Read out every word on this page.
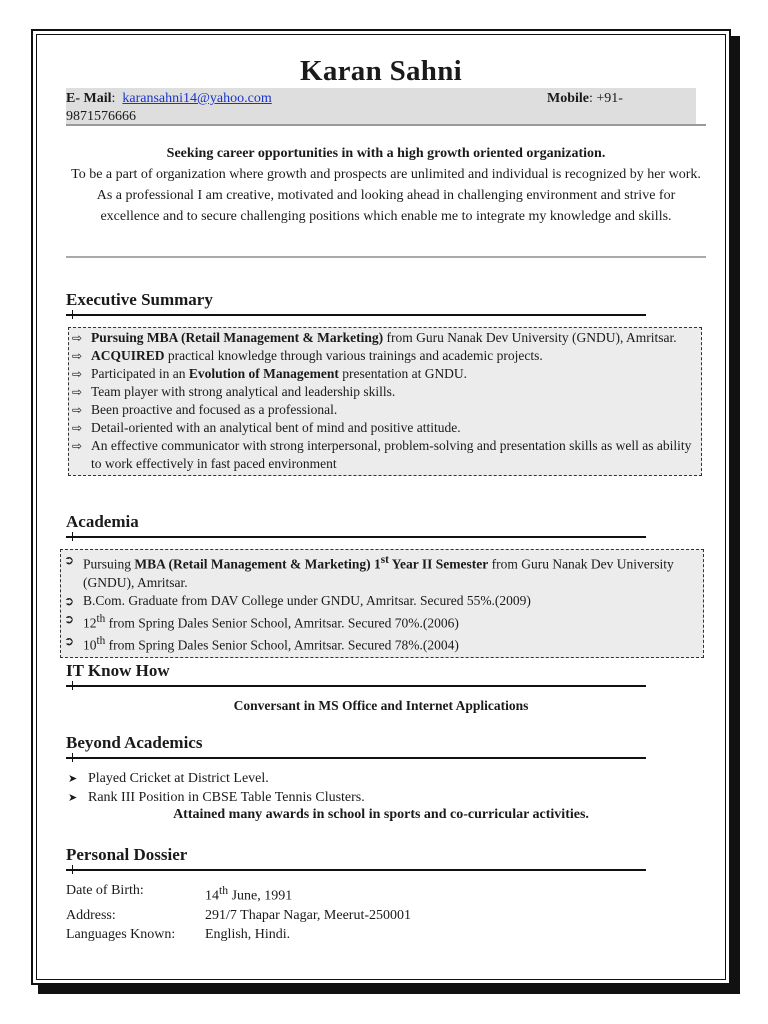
Karan Sahni
E- Mail:  karansahni14@yahoo.com	Mobile: +91-
9871576666
Seeking career opportunities in with a high growth oriented organization.
To be a part of organization where growth and prospects are unlimited and individual is recognized by her work. As a professional I am creative, motivated and looking ahead in challenging environment and strive for excellence and to secure challenging positions which enable me to integrate my knowledge and skills.
Executive Summary
⇨ Pursuing MBA (Retail Management & Marketing) from Guru Nanak Dev University (GNDU), Amritsar.
⇨ ACQUIRED practical knowledge through various trainings and academic projects.
⇨ Participated in an Evolution of Management presentation at GNDU.
⇨ Team player with strong analytical and leadership skills.
⇨ Been proactive and focused as a professional.
⇨ Detail-oriented with an analytical bent of mind and positive attitude.
⇨ An effective communicator with strong interpersonal, problem-solving and presentation skills as well as ability to work effectively in fast paced environment
Academia
➲ Pursuing MBA (Retail Management & Marketing) 1st Year II Semester from Guru Nanak Dev University (GNDU), Amritsar.
➲ B.Com. Graduate from DAV College under GNDU, Amritsar. Secured 55%.(2009)
➲ 12th from Spring Dales Senior School, Amritsar. Secured 70%.(2006)
➲ 10th from Spring Dales Senior School, Amritsar. Secured 78%.(2004)
IT Know How
Conversant in MS Office and Internet Applications
Beyond Academics
➤ Played Cricket at District Level.
➤ Rank III Position in CBSE Table Tennis Clusters.
Attained many awards in school in sports and co-curricular activities.
Personal Dossier
Date of Birth:	14th June, 1991
Address:	291/7 Thapar Nagar, Meerut-250001
Languages Known:	English, Hindi.
